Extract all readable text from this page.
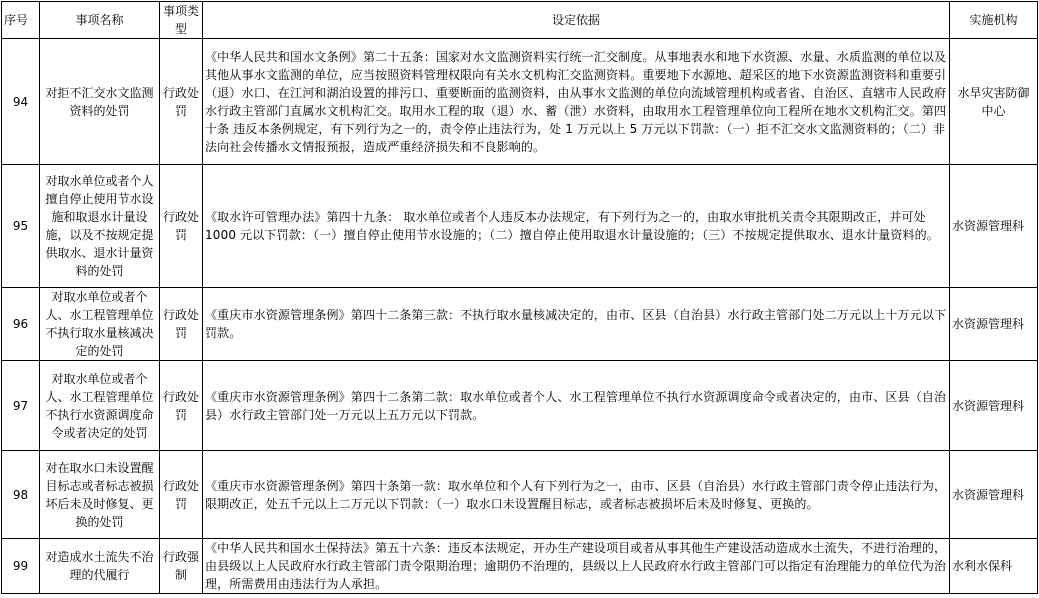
序号	事项名称	事项类型	设定依据	实施机构
94	对拒不汇交水文监测资料的处罚	行政处罚	《中华人民共和国水文条例》第二十五条：国家对水文监测资料实行统一汇交制度。从事地表水和地下水资源、水量、水质监测的单位以及其他从事水文监测的单位，应当按照资料管理权限向有关水文机构汇交监测资料。重要地下水源地、超采区的地下水资源监测资料和重要引（退）水口、在江河和湖泊设置的排污口、重要断面的监测资料，由从事水文监测的单位向流域管理机构或者省、自治区、直辖市人民政府水行政主管部门直属水文机构汇交。取用水工程的取（退）水、蓄（泄）水资料，由取用水工程管理单位向工程所在地水文机构汇交。第四十条 违反本条例规定，有下列行为之一的，责令停止违法行为，处 1 万元以上 5 万元以下罚款：（一）拒不汇交水文监测资料的；（二）非法向社会传播水文情报预报，造成严重经济损失和不良影响的。	水旱灾害防御中心
95	对取水单位或者个人擅自停止使用节水设施和取退水计量设施，以及不按规定提供取水、退水计量资料的处罚	行政处罚	《取水许可管理办法》第四十九条： 取水单位或者个人违反本办法规定，有下列行为之一的，由取水审批机关责令其限期改正，并可处 1000 元以下罚款：（一）擅自停止使用节水设施的；（二）擅自停止使用取退水计量设施的；（三）不按规定提供取水、退水计量资料的。	水资源管理科
96	对取水单位或者个人、水工程管理单位不执行取水量核减决定的处罚	行政处罚	《重庆市水资源管理条例》第四十二条第三款：不执行取水量核减决定的，由市、区县（自治县）水行政主管部门处二万元以上十万元以下罚款。	水资源管理科
97	对取水单位或者个人、水工程管理单位不执行水资源调度命令或者决定的处罚	行政处罚	《重庆市水资源管理条例》第四十二条第二款：取水单位或者个人、水工程管理单位不执行水资源调度命令或者决定的，由市、区县（自治县）水行政主管部门处一万元以上五万元以下罚款。	水资源管理科
98	对在取水口未设置醒目标志或者标志被损坏后未及时修复、更换的处罚	行政处罚	《重庆市水资源管理条例》第四十条第一款：取水单位和个人有下列行为之一，由市、区县（自治县）水行政主管部门责令停止违法行为，限期改正，处五千元以上二万元以下罚款：（一）取水口未设置醒目标志，或者标志被损坏后未及时修复、更换的。	水资源管理科
99	对造成水土流失不治理的代履行	行政强制	《中华人民共和国水土保持法》第五十六条：违反本法规定，开办生产建设项目或者从事其他生产建设活动造成水土流失，不进行治理的，由县级以上人民政府水行政主管部门责令限期治理；逾期仍不治理的，县级以上人民政府水行政主管部门可以指定有治理能力的单位代为治理，所需费用由违法行为人承担。	水利水保科
